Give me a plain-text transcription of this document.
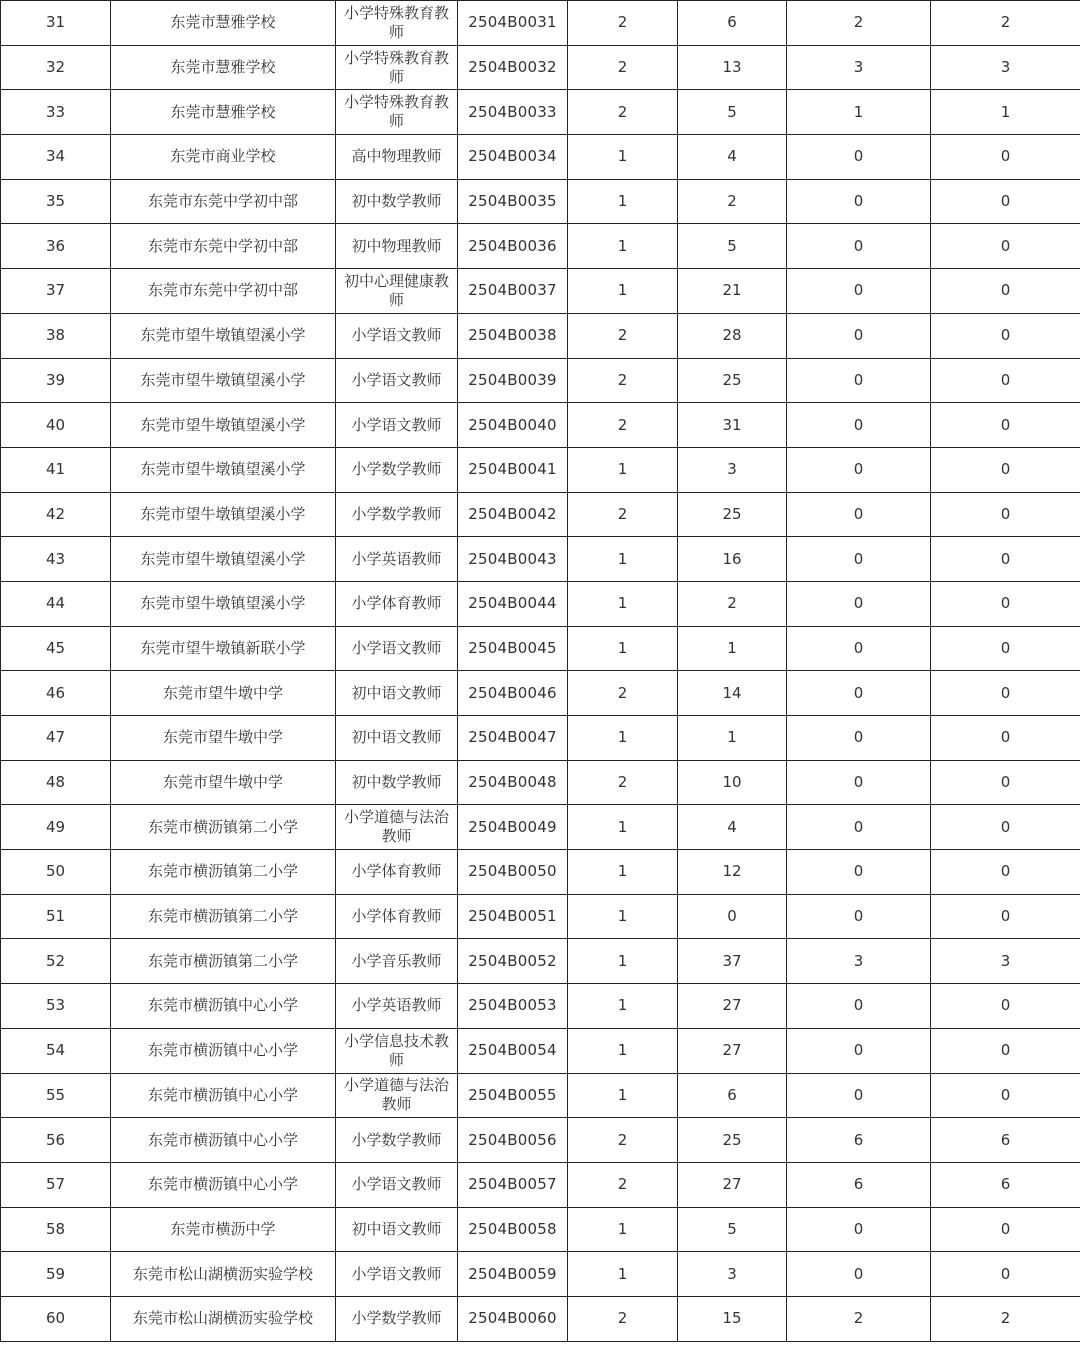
31	东莞市慧雅学校	小学特殊教育教师	2504B0031	2	6	2	2
32	东莞市慧雅学校	小学特殊教育教师	2504B0032	2	13	3	3
33	东莞市慧雅学校	小学特殊教育教师	2504B0033	2	5	1	1
34	东莞市商业学校	高中物理教师	2504B0034	1	4	0	0
35	东莞市东莞中学初中部	初中数学教师	2504B0035	1	2	0	0
36	东莞市东莞中学初中部	初中物理教师	2504B0036	1	5	0	0
37	东莞市东莞中学初中部	初中心理健康教师	2504B0037	1	21	0	0
38	东莞市望牛墩镇望溪小学	小学语文教师	2504B0038	2	28	0	0
39	东莞市望牛墩镇望溪小学	小学语文教师	2504B0039	2	25	0	0
40	东莞市望牛墩镇望溪小学	小学语文教师	2504B0040	2	31	0	0
41	东莞市望牛墩镇望溪小学	小学数学教师	2504B0041	1	3	0	0
42	东莞市望牛墩镇望溪小学	小学数学教师	2504B0042	2	25	0	0
43	东莞市望牛墩镇望溪小学	小学英语教师	2504B0043	1	16	0	0
44	东莞市望牛墩镇望溪小学	小学体育教师	2504B0044	1	2	0	0
45	东莞市望牛墩镇新联小学	小学语文教师	2504B0045	1	1	0	0
46	东莞市望牛墩中学	初中语文教师	2504B0046	2	14	0	0
47	东莞市望牛墩中学	初中语文教师	2504B0047	1	1	0	0
48	东莞市望牛墩中学	初中数学教师	2504B0048	2	10	0	0
49	东莞市横沥镇第二小学	小学道德与法治教师	2504B0049	1	4	0	0
50	东莞市横沥镇第二小学	小学体育教师	2504B0050	1	12	0	0
51	东莞市横沥镇第二小学	小学体育教师	2504B0051	1	0	0	0
52	东莞市横沥镇第二小学	小学音乐教师	2504B0052	1	37	3	3
53	东莞市横沥镇中心小学	小学英语教师	2504B0053	1	27	0	0
54	东莞市横沥镇中心小学	小学信息技术教师	2504B0054	1	27	0	0
55	东莞市横沥镇中心小学	小学道德与法治教师	2504B0055	1	6	0	0
56	东莞市横沥镇中心小学	小学数学教师	2504B0056	2	25	6	6
57	东莞市横沥镇中心小学	小学语文教师	2504B0057	2	27	6	6
58	东莞市横沥中学	初中语文教师	2504B0058	1	5	0	0
59	东莞市松山湖横沥实验学校	小学语文教师	2504B0059	1	3	0	0
60	东莞市松山湖横沥实验学校	小学数学教师	2504B0060	2	15	2	2
